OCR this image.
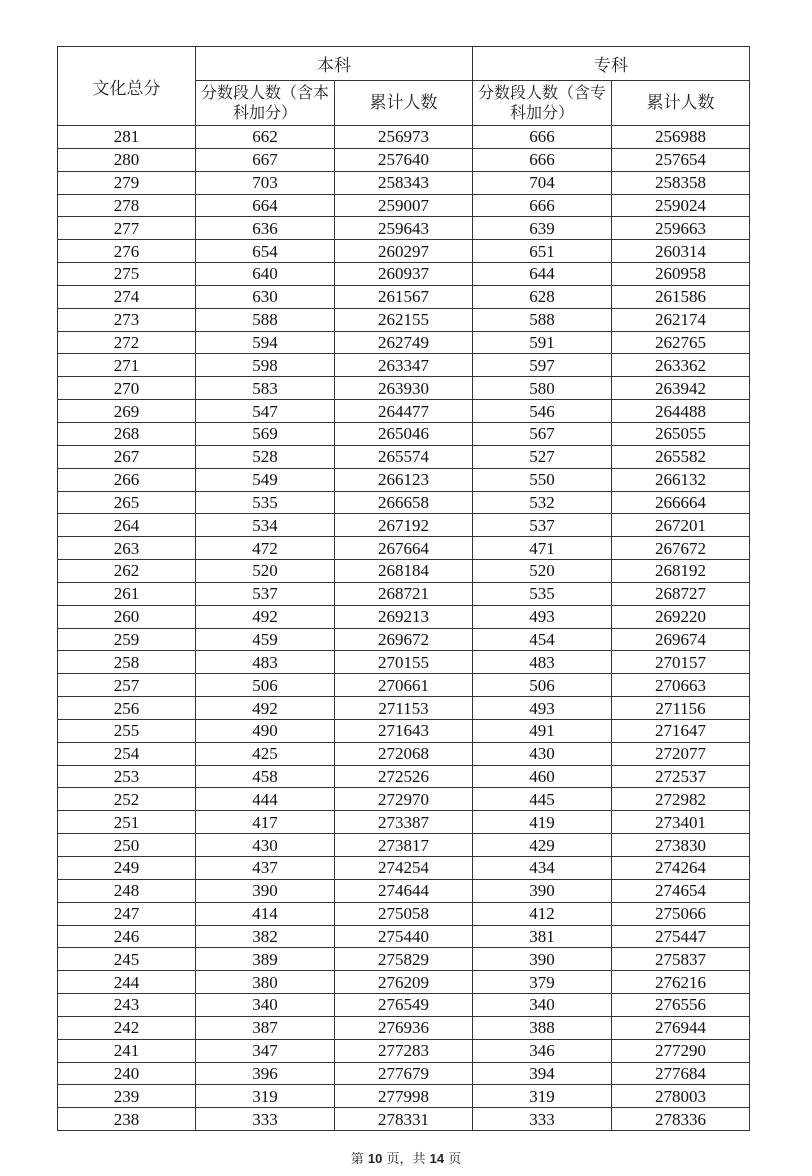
文化总分	本科		专科	
	分数段人数（含本科加分）	累计人数	分数段人数（含专科加分）	累计人数
281	662	256973	666	256988
280	667	257640	666	257654
279	703	258343	704	258358
278	664	259007	666	259024
277	636	259643	639	259663
276	654	260297	651	260314
275	640	260937	644	260958
274	630	261567	628	261586
273	588	262155	588	262174
272	594	262749	591	262765
271	598	263347	597	263362
270	583	263930	580	263942
269	547	264477	546	264488
268	569	265046	567	265055
267	528	265574	527	265582
266	549	266123	550	266132
265	535	266658	532	266664
264	534	267192	537	267201
263	472	267664	471	267672
262	520	268184	520	268192
261	537	268721	535	268727
260	492	269213	493	269220
259	459	269672	454	269674
258	483	270155	483	270157
257	506	270661	506	270663
256	492	271153	493	271156
255	490	271643	491	271647
254	425	272068	430	272077
253	458	272526	460	272537
252	444	272970	445	272982
251	417	273387	419	273401
250	430	273817	429	273830
249	437	274254	434	274264
248	390	274644	390	274654
247	414	275058	412	275066
246	382	275440	381	275447
245	389	275829	390	275837
244	380	276209	379	276216
243	340	276549	340	276556
242	387	276936	388	276944
241	347	277283	346	277290
240	396	277679	394	277684
239	319	277998	319	278003
238	333	278331	333	278336
第 10 页，共 14 页
